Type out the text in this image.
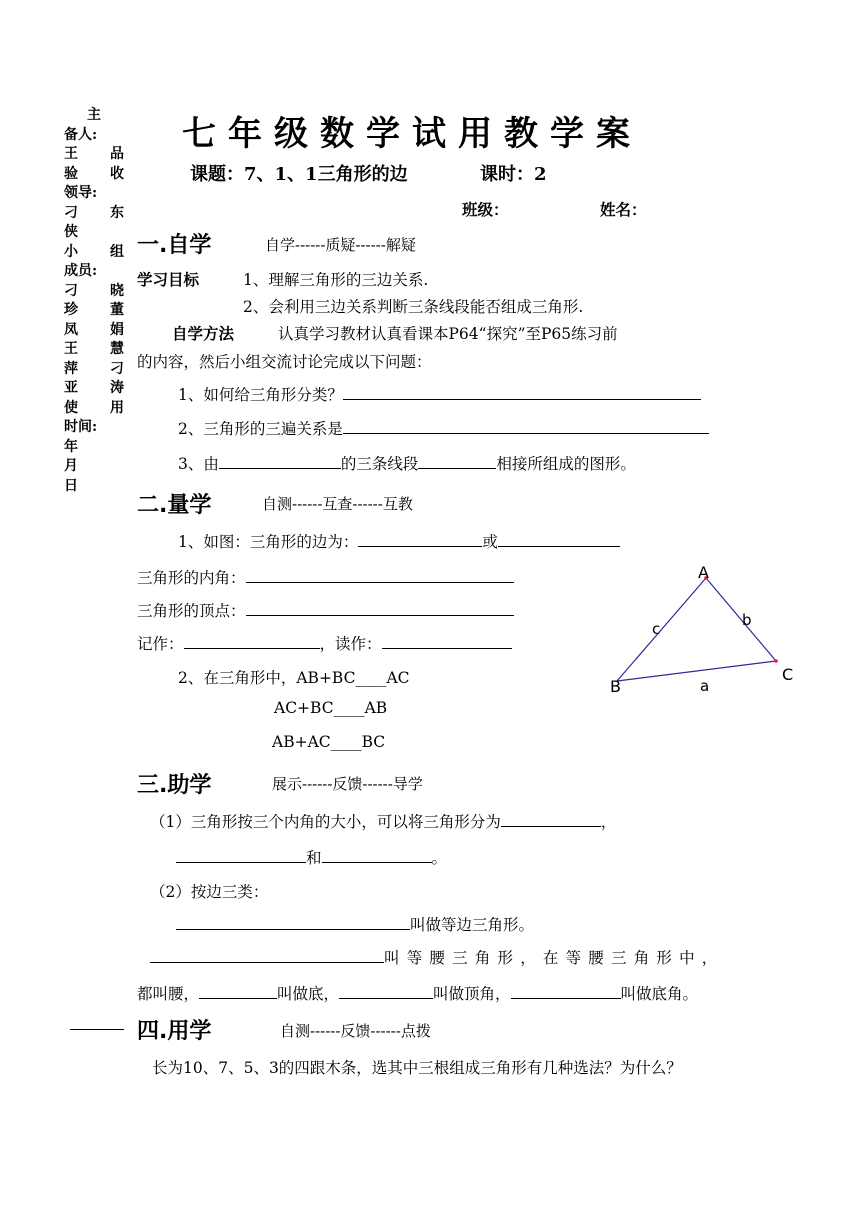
主
备人:
王 品
验 收
领导:
刁 东
侠
小 组
成员:
刁 晓
珍 董
凤 娟
王 慧
萍 刁
亚 涛
使 用
时间:
年
月
日
七年级数学试用教学案
课题：7、1、1三角形的边	课时：2
班级：	姓名：
一.自学	自学------质疑------解疑
学习目标	1、理解三角形的三边关系.
2、会利用三边关系判断三条线段能否组成三角形.
自学方法	认真学习教材认真看课本P64“探究”至P65练习前
的内容，然后小组交流讨论完成以下问题：
1、如何给三角形分类？
2、三角形的三遍关系是
3、由	的三条线段	相接所组成的图形。
二.量学	自测------互查------互教
1、如图：三角形的边为：	或
三角形的内角：
三角形的顶点：
记作：	，读作：
2、在三角形中，AB+BC____AC
AC+BC____AB
AB+AC____BC
A
B
C
a
b
c
三.助学	展示------反馈------导学
（1）三角形按三个内角的大小，可以将三角形分为	，
和	。
（2）按边三类：
叫做等边三角形。
叫等腰三角形，在等腰三角形中，
都叫腰，	叫做底，	叫做顶角，	叫做底角。
四.用学	自测------反馈------点拨
长为10、7、5、3的四跟木条，选其中三根组成三角形有几种选法？为什么？
